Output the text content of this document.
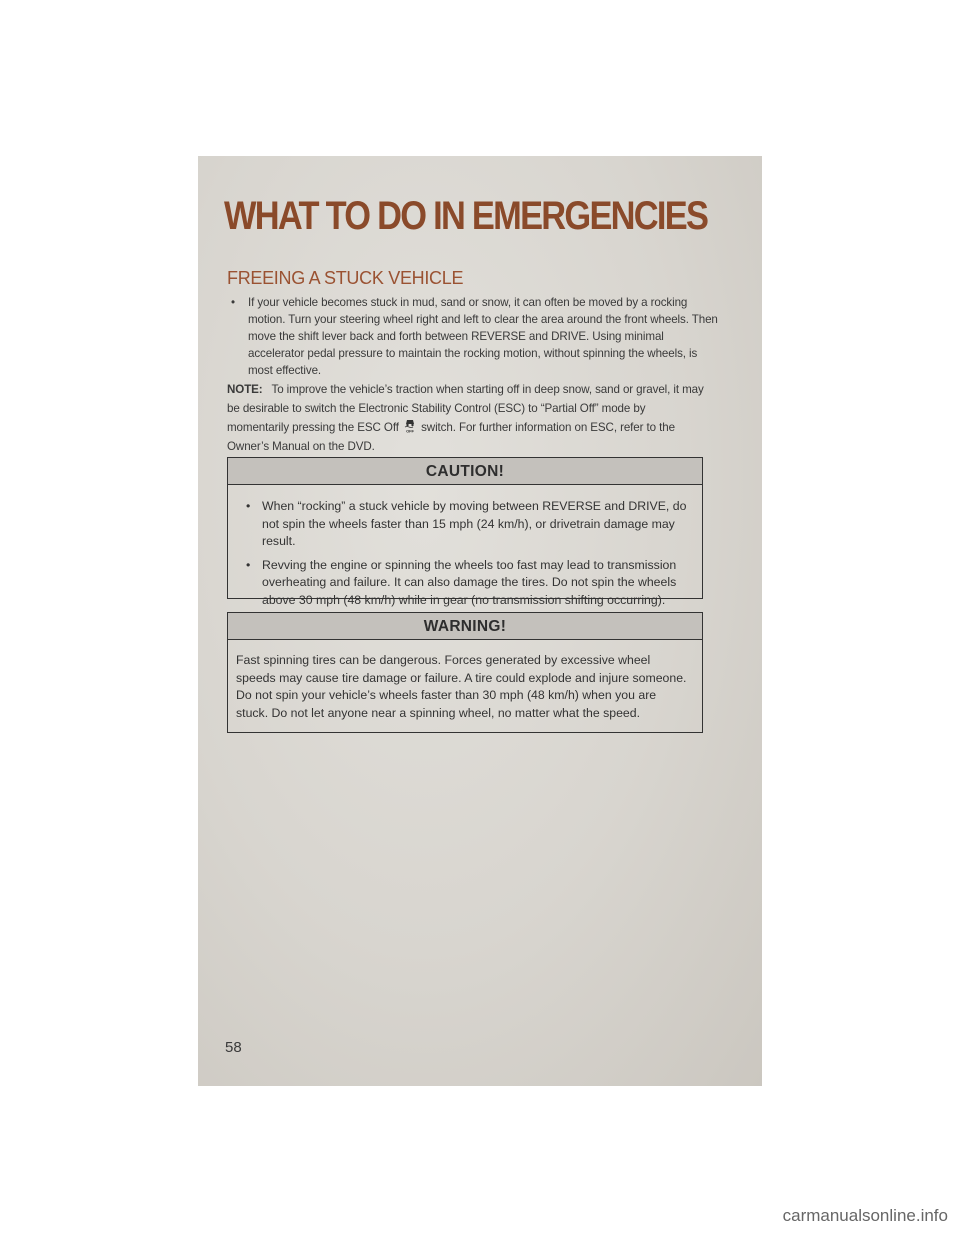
WHAT TO DO IN EMERGENCIES
FREEING A STUCK VEHICLE
• If your vehicle becomes stuck in mud, sand or snow, it can often be moved by a rocking motion. Turn your steering wheel right and left to clear the area around the front wheels. Then move the shift lever back and forth between REVERSE and DRIVE. Using minimal accelerator pedal pressure to maintain the rocking motion, without spinning the wheels, is most effective.

NOTE: To improve the vehicle’s traction when starting off in deep snow, sand or gravel, it may be desirable to switch the Electronic Stability Control (ESC) to “Partial Off” mode by momentarily pressing the ESC Off OFF switch. For further information on ESC, refer to the Owner’s Manual on the DVD.

CAUTION!
• When “rocking” a stuck vehicle by moving between REVERSE and DRIVE, do not spin the wheels faster than 15 mph (24 km/h), or drivetrain damage may result.
• Revving the engine or spinning the wheels too fast may lead to transmission overheating and failure. It can also damage the tires. Do not spin the wheels above 30 mph (48 km/h) while in gear (no transmission shifting occurring).
WARNING!

Fast spinning tires can be dangerous. Forces generated by excessive wheel speeds may cause tire damage or failure. A tire could explode and injure someone. Do not spin your vehicle’s wheels faster than 30 mph (48 km/h) when you are stuck. Do not let anyone near a spinning wheel, no matter what the speed.

58
carmanualsonline.info
